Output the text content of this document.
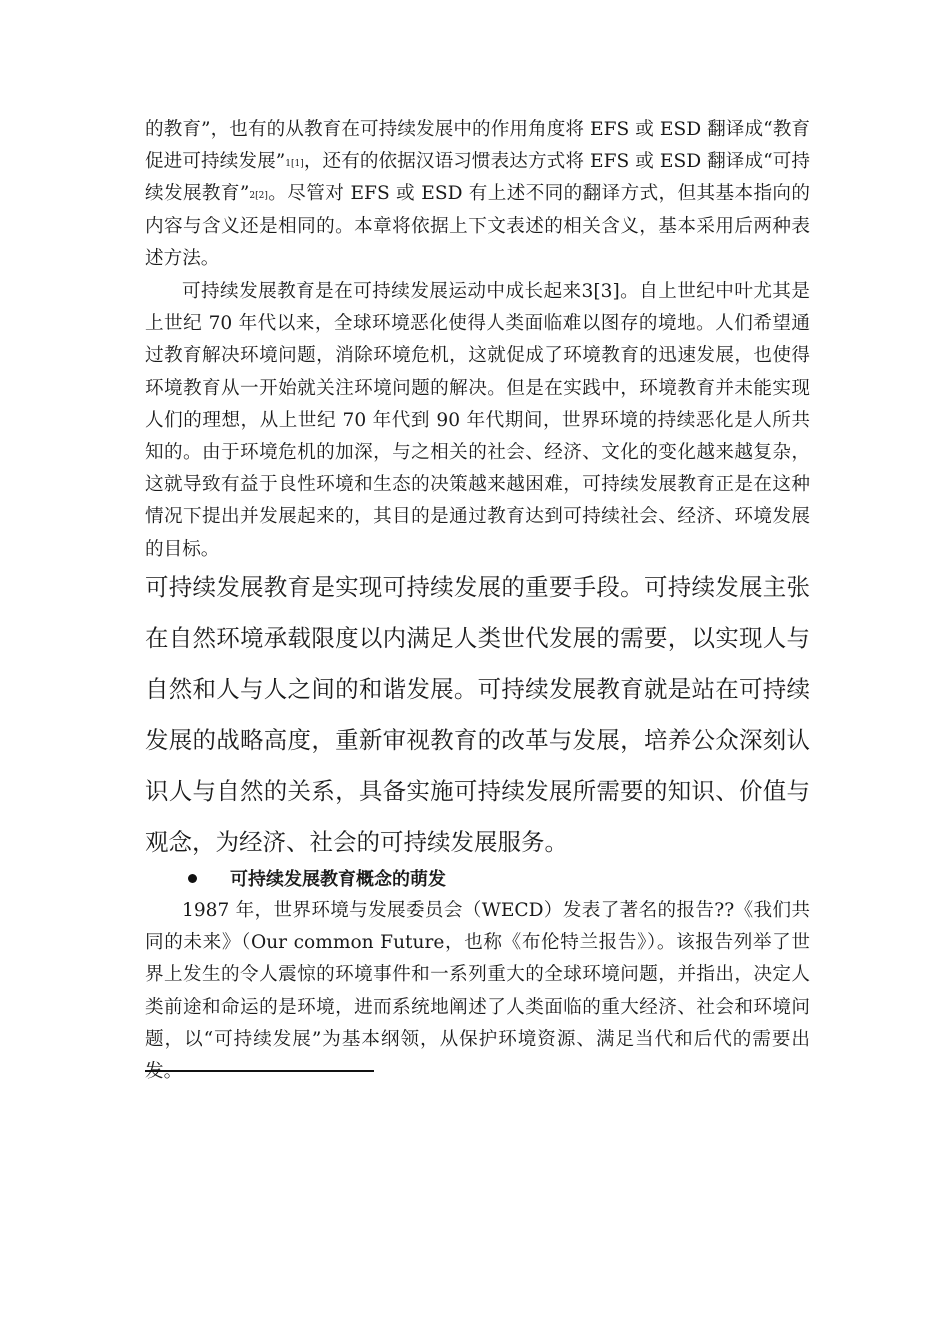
的教育”，也有的从教育在可持续发展中的作用角度将 EFS 或 ESD 翻译成“教育促进可持续发展”$^{1[1]}$，还有的依据汉语习惯表达方式将 EFS 或 ESD 翻译成“可持续发展教育”$^{2[2]}$。尽管对 EFS 或 ESD 有上述不同的翻译方式，但其基本指向的内容与含义还是相同的。本章将依据上下文表述的相关含义，基本采用后两种表述方法。

可持续发展教育是在可持续发展运动中成长起来3[3]。自上世纪中叶尤其是上世纪 70 年代以来，全球环境恶化使得人类面临难以图存的境地。人们希望通过教育解决环境问题，消除环境危机，这就促成了环境教育的迅速发展，也使得环境教育从一开始就关注环境问题的解决。但是在实践中，环境教育并未能实现人们的理想，从上世纪 70 年代到 90 年代期间，世界环境的持续恶化是人所共知的。由于环境危机的加深，与之相关的社会、经济、文化的变化越来越复杂，这就导致有益于良性环境和生态的决策越来越困难，可持续发展教育正是在这种情况下提出并发展起来的，其目的是通过教育达到可持续社会、经济、环境发展的目标。

可持续发展教育是实现可持续发展的重要手段。可持续发展主张在自然环境承载限度以内满足人类世代发展的需要，以实现人与自然和人与人之间的和谐发展。可持续发展教育就是站在可持续发展的战略高度，重新审视教育的改革与发展，培养公众深刻认识人与自然的关系，具备实施可持续发展所需要的知识、价值与观念，为经济、社会的可持续发展服务。

可持续发展教育概念的萌发

1987 年，世界环境与发展委员会（WECD）发表了著名的报告??《我们共同的未来》（Our common Future，也称《布伦特兰报告》）。该报告列举了世界上发生的令人震惊的环境事件和一系列重大的全球环境问题，并指出，决定人类前途和命运的是环境，进而系统地阐述了人类面临的重大经济、社会和环境问题，以“可持续发展”为基本纲领，从保护环境资源、满足当代和后代的需要出发。
